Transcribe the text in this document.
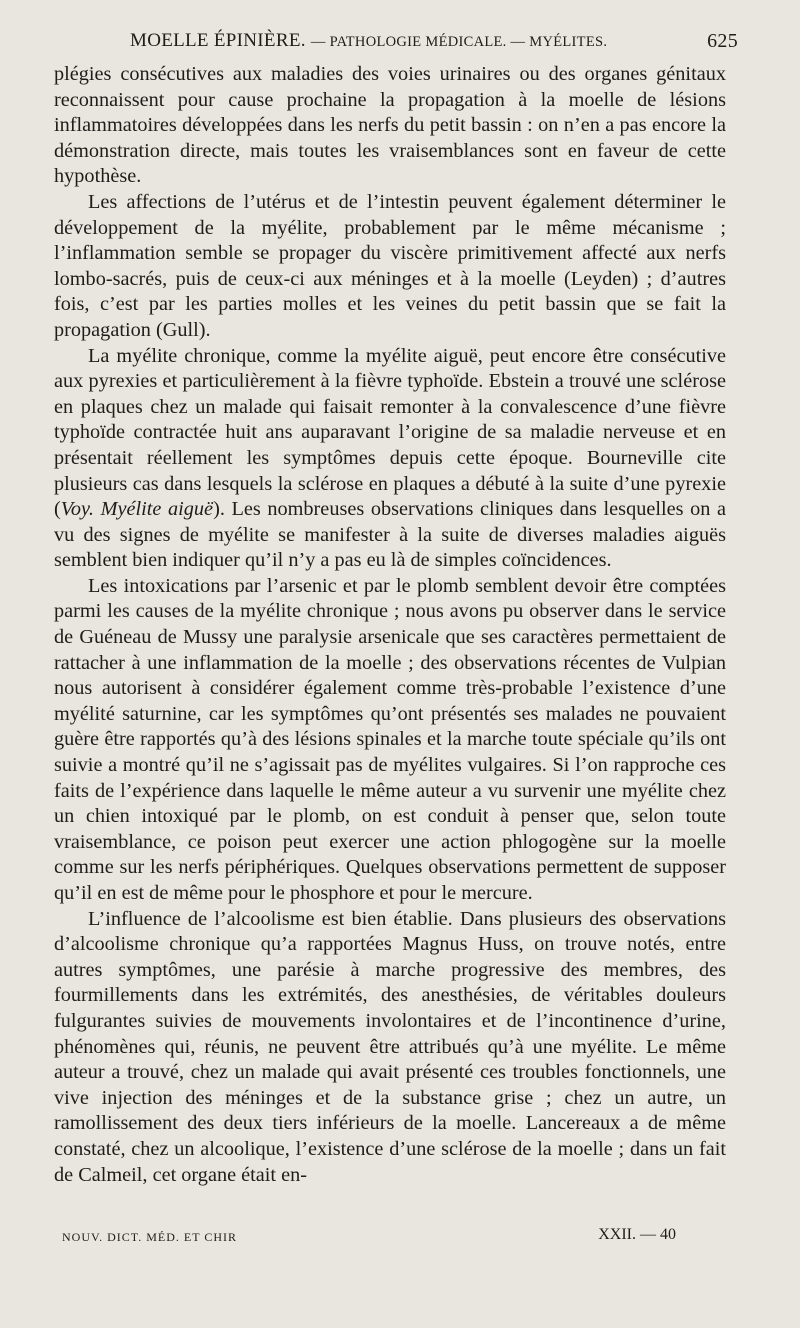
MOELLE ÉPINIÈRE. — PATHOLOGIE MÉDICALE. — MYÉLITES.	625

plégies consécutives aux maladies des voies urinaires ou des organes génitaux reconnaissent pour cause prochaine la propagation à la moelle de lésions inflammatoires développées dans les nerfs du petit bassin : on n’en a pas encore la démonstration directe, mais toutes les vraisemblances sont en faveur de cette hypothèse.

Les affections de l’utérus et de l’intestin peuvent également déterminer le développement de la myélite, probablement par le même mécanisme ; l’inflammation semble se propager du viscère primitivement affecté aux nerfs lombo-sacrés, puis de ceux-ci aux méninges et à la moelle (Leyden) ; d’autres fois, c’est par les parties molles et les veines du petit bassin que se fait la propagation (Gull).

La myélite chronique, comme la myélite aiguë, peut encore être consécutive aux pyrexies et particulièrement à la fièvre typhoïde. Ebstein a trouvé une sclérose en plaques chez un malade qui faisait remonter à la convalescence d’une fièvre typhoïde contractée huit ans auparavant l’origine de sa maladie nerveuse et en présentait réellement les symptômes depuis cette époque. Bourneville cite plusieurs cas dans lesquels la sclérose en plaques a débuté à la suite d’une pyrexie (Voy. Myélite aiguë). Les nombreuses observations cliniques dans lesquelles on a vu des signes de myélite se manifester à la suite de diverses maladies aiguës semblent bien indiquer qu’il n’y a pas eu là de simples coïncidences.

Les intoxications par l’arsenic et par le plomb semblent devoir être comptées parmi les causes de la myélite chronique ; nous avons pu observer dans le service de Guéneau de Mussy une paralysie arsenicale que ses caractères permettaient de rattacher à une inflammation de la moelle ; des observations récentes de Vulpian nous autorisent à considérer également comme très-probable l’existence d’une myélité saturnine, car les symptômes qu’ont présentés ses malades ne pouvaient guère être rapportés qu’à des lésions spinales et la marche toute spéciale qu’ils ont suivie a montré qu’il ne s’agissait pas de myélites vulgaires. Si l’on rapproche ces faits de l’expérience dans laquelle le même auteur a vu survenir une myélite chez un chien intoxiqué par le plomb, on est conduit à penser que, selon toute vraisemblance, ce poison peut exercer une action phlogogène sur la moelle comme sur les nerfs périphériques. Quelques observations permettent de supposer qu’il en est de même pour le phosphore et pour le mercure.

L’influence de l’alcoolisme est bien établie. Dans plusieurs des observations d’alcoolisme chronique qu’a rapportées Magnus Huss, on trouve notés, entre autres symptômes, une parésie à marche progressive des membres, des fourmillements dans les extrémités, des anesthésies, de véritables douleurs fulgurantes suivies de mouvements involontaires et de l’incontinence d’urine, phénomènes qui, réunis, ne peuvent être attribués qu’à une myélite. Le même auteur a trouvé, chez un malade qui avait présenté ces troubles fonctionnels, une vive injection des méninges et de la substance grise ; chez un autre, un ramollissement des deux tiers inférieurs de la moelle. Lancereaux a de même constaté, chez un alcoolique, l’existence d’une sclérose de la moelle ; dans un fait de Calmeil, cet organe était en-

NOUV. DICT. MÉD. ET CHIR	XXII. — 40
